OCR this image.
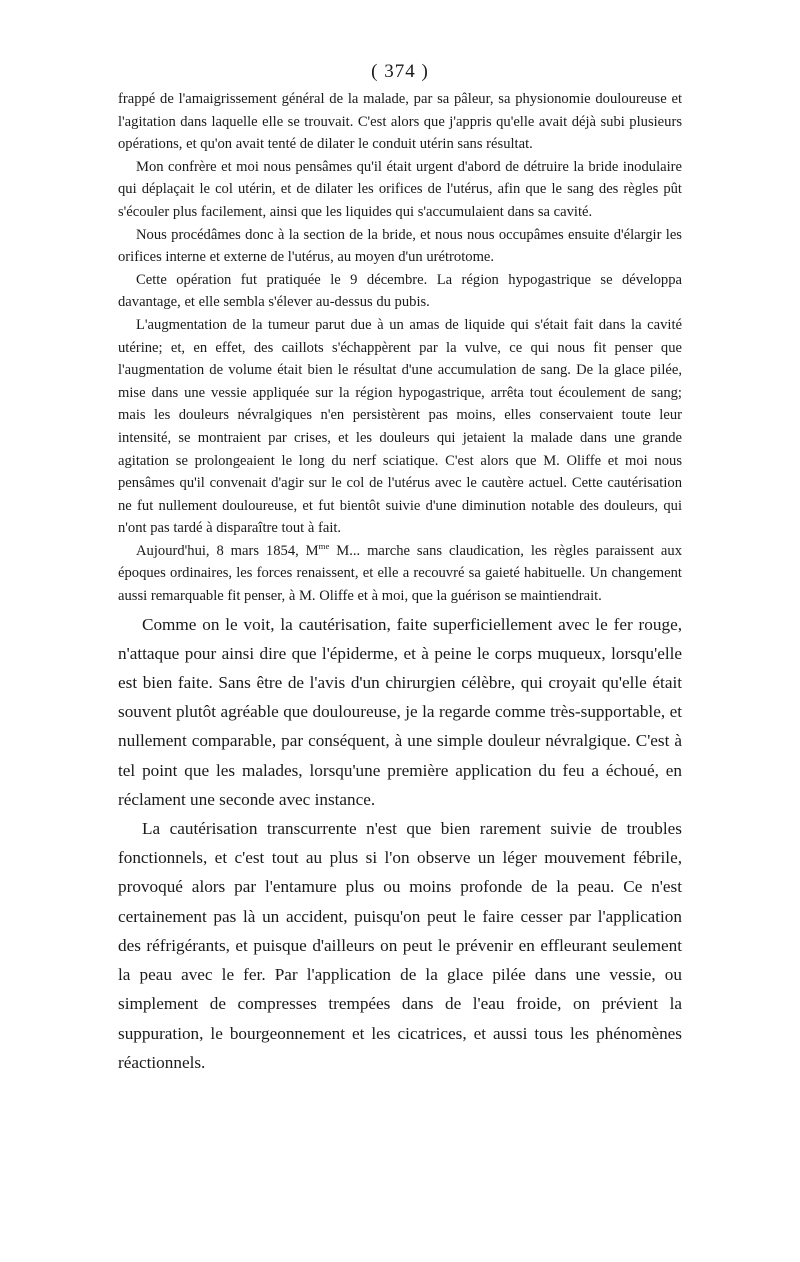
( 374 )

frappé de l'amaigrissement général de la malade, par sa pâleur, sa physionomie douloureuse et l'agitation dans laquelle elle se trouvait. C'est alors que j'appris qu'elle avait déjà subi plusieurs opérations, et qu'on avait tenté de dilater le conduit utérin sans résultat.

Mon confrère et moi nous pensâmes qu'il était urgent d'abord de détruire la bride inodulaire qui déplaçait le col utérin, et de dilater les orifices de l'utérus, afin que le sang des règles pût s'écouler plus facilement, ainsi que les liquides qui s'accumulaient dans sa cavité.

Nous procédâmes donc à la section de la bride, et nous nous occupâmes ensuite d'élargir les orifices interne et externe de l'utérus, au moyen d'un urétrotome.

Cette opération fut pratiquée le 9 décembre. La région hypogastrique se développa davantage, et elle sembla s'élever au-dessus du pubis.

L'augmentation de la tumeur parut due à un amas de liquide qui s'était fait dans la cavité utérine; et, en effet, des caillots s'échappèrent par la vulve, ce qui nous fit penser que l'augmentation de volume était bien le résultat d'une accumulation de sang. De la glace pilée, mise dans une vessie appliquée sur la région hypogastrique, arrêta tout écoulement de sang; mais les douleurs névralgiques n'en persistèrent pas moins, elles conservaient toute leur intensité, se montraient par crises, et les douleurs qui jetaient la malade dans une grande agitation se prolongeaient le long du nerf sciatique. C'est alors que M. Oliffe et moi nous pensâmes qu'il convenait d'agir sur le col de l'utérus avec le cautère actuel. Cette cautérisation ne fut nullement douloureuse, et fut bientôt suivie d'une diminution notable des douleurs, qui n'ont pas tardé à disparaître tout à fait.

Aujourd'hui, 8 mars 1854, $M^{me}$ M... marche sans claudication, les règles paraissent aux époques ordinaires, les forces renaissent, et elle a recouvré sa gaieté habituelle. Un changement aussi remarquable fit penser, à M. Oliffe et à moi, que la guérison se maintiendrait.

Comme on le voit, la cautérisation, faite superficiellement avec le fer rouge, n'attaque pour ainsi dire que l'épiderme, et à peine le corps muqueux, lorsqu'elle est bien faite. Sans être de l'avis d'un chirurgien célèbre, qui croyait qu'elle était souvent plutôt agréable que douloureuse, je la regarde comme très-supportable, et nullement comparable, par conséquent, à une simple douleur névralgique. C'est à tel point que les malades, lorsqu'une première application du feu a échoué, en réclament une seconde avec instance.

La cautérisation transcurrente n'est que bien rarement suivie de troubles fonctionnels, et c'est tout au plus si l'on observe un léger mouvement fébrile, provoqué alors par l'entamure plus ou moins profonde de la peau. Ce n'est certainement pas là un accident, puisqu'on peut le faire cesser par l'application des réfrigérants, et puisque d'ailleurs on peut le prévenir en effleurant seulement la peau avec le fer. Par l'application de la glace pilée dans une vessie, ou simplement de compresses trempées dans de l'eau froide, on prévient la suppuration, le bourgeonnement et les cicatrices, et aussi tous les phénomènes réactionnels.
